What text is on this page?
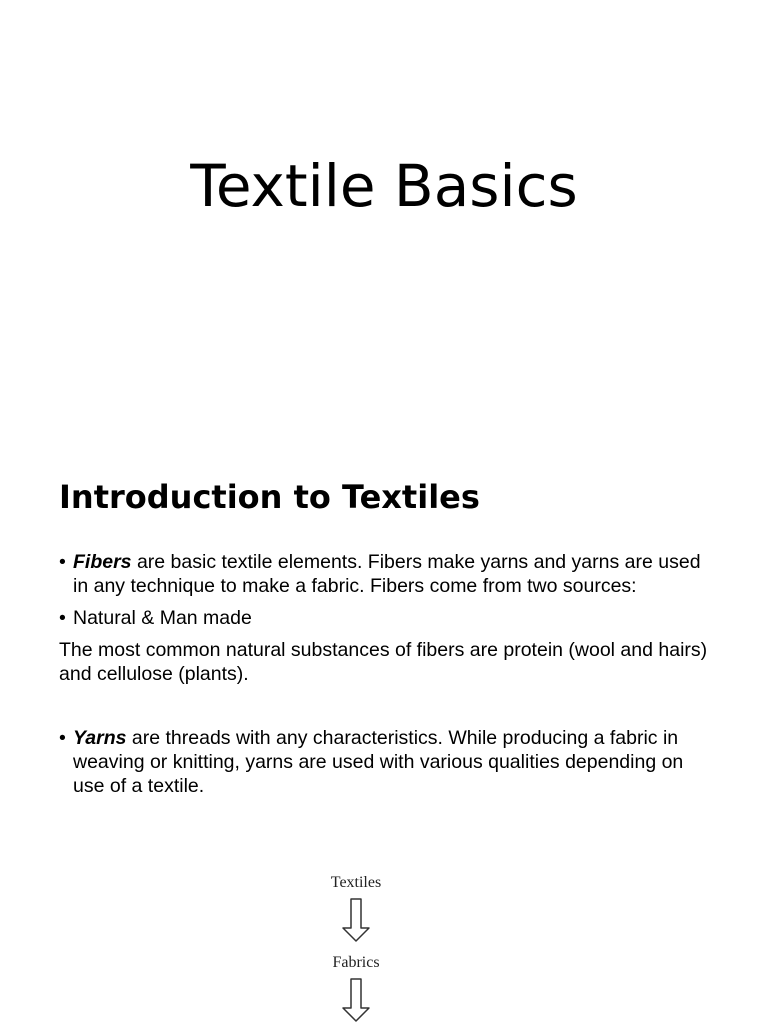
Textile Basics
Introduction to Textiles

• Fibers are basic textile elements. Fibers make yarns and yarns are used in any technique to make a fabric. Fibers come from two sources:

• Natural & Man made

The most common natural substances of fibers are protein (wool and hairs) and cellulose (plants).

• Yarns are threads with any characteristics. While producing a fabric in weaving or knitting, yarns are used with various qualities depending on use of a textile.

Textiles
Fabrics
